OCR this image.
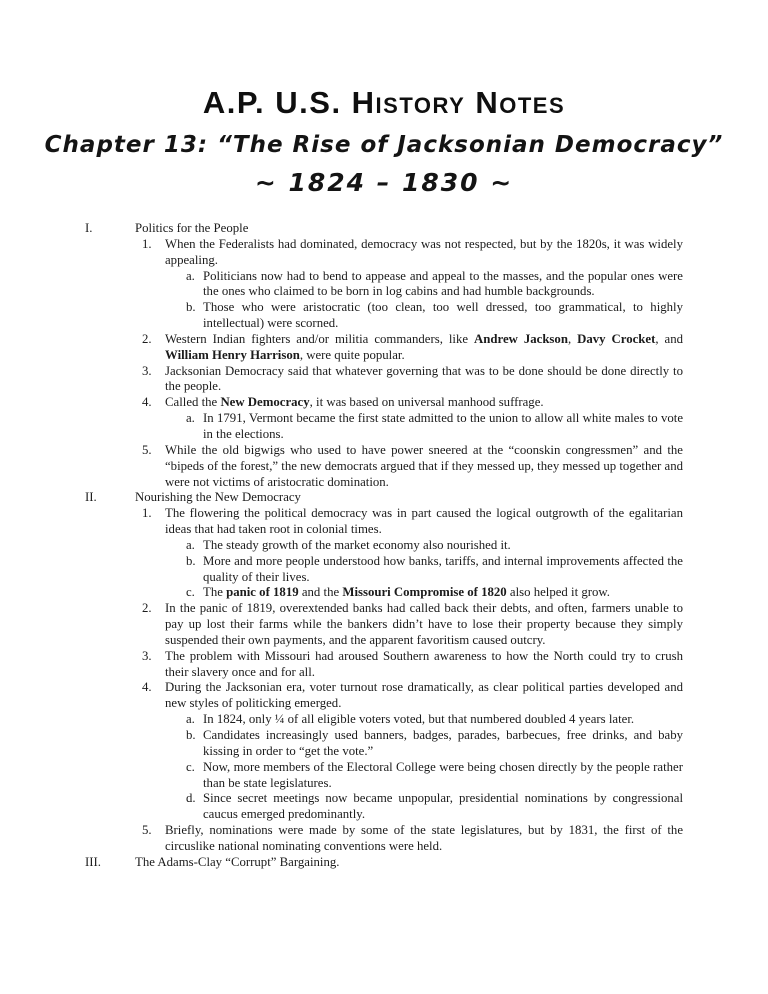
A.P. U.S. History Notes
Chapter 13: “The Rise of Jacksonian Democracy”
~ 1824 – 1830 ~
I.	Politics for the People
1. When the Federalists had dominated, democracy was not respected, but by the 1820s, it was widely appealing.
a. Politicians now had to bend to appease and appeal to the masses, and the popular ones were the ones who claimed to be born in log cabins and had humble backgrounds.
b. Those who were aristocratic (too clean, too well dressed, too grammatical, to highly intellectual) were scorned.
2. Western Indian fighters and/or militia commanders, like Andrew Jackson, Davy Crocket, and William Henry Harrison, were quite popular.
3. Jacksonian Democracy said that whatever governing that was to be done should be done directly to the people.
4. Called the New Democracy, it was based on universal manhood suffrage.
a. In 1791, Vermont became the first state admitted to the union to allow all white males to vote in the elections.
5. While the old bigwigs who used to have power sneered at the “coonskin congressmen” and the “bipeds of the forest,” the new democrats argued that if they messed up, they messed up together and were not victims of aristocratic domination.
II.	Nourishing the New Democracy
1. The flowering the political democracy was in part caused the logical outgrowth of the egalitarian ideas that had taken root in colonial times.
a. The steady growth of the market economy also nourished it.
b. More and more people understood how banks, tariffs, and internal improvements affected the quality of their lives.
c. The panic of 1819 and the Missouri Compromise of 1820 also helped it grow.
2. In the panic of 1819, overextended banks had called back their debts, and often, farmers unable to pay up lost their farms while the bankers didn’t have to lose their property because they simply suspended their own payments, and the apparent favoritism caused outcry.
3. The problem with Missouri had aroused Southern awareness to how the North could try to crush their slavery once and for all.
4. During the Jacksonian era, voter turnout rose dramatically, as clear political parties developed and new styles of politicking emerged.
a. In 1824, only ¼ of all eligible voters voted, but that numbered doubled 4 years later.
b. Candidates increasingly used banners, badges, parades, barbecues, free drinks, and baby kissing in order to “get the vote.”
c. Now, more members of the Electoral College were being chosen directly by the people rather than be state legislatures.
d. Since secret meetings now became unpopular, presidential nominations by congressional caucus emerged predominantly.
5. Briefly, nominations were made by some of the state legislatures, but by 1831, the first of the circuslike national nominating conventions were held.
III.	The Adams-Clay “Corrupt” Bargaining.
